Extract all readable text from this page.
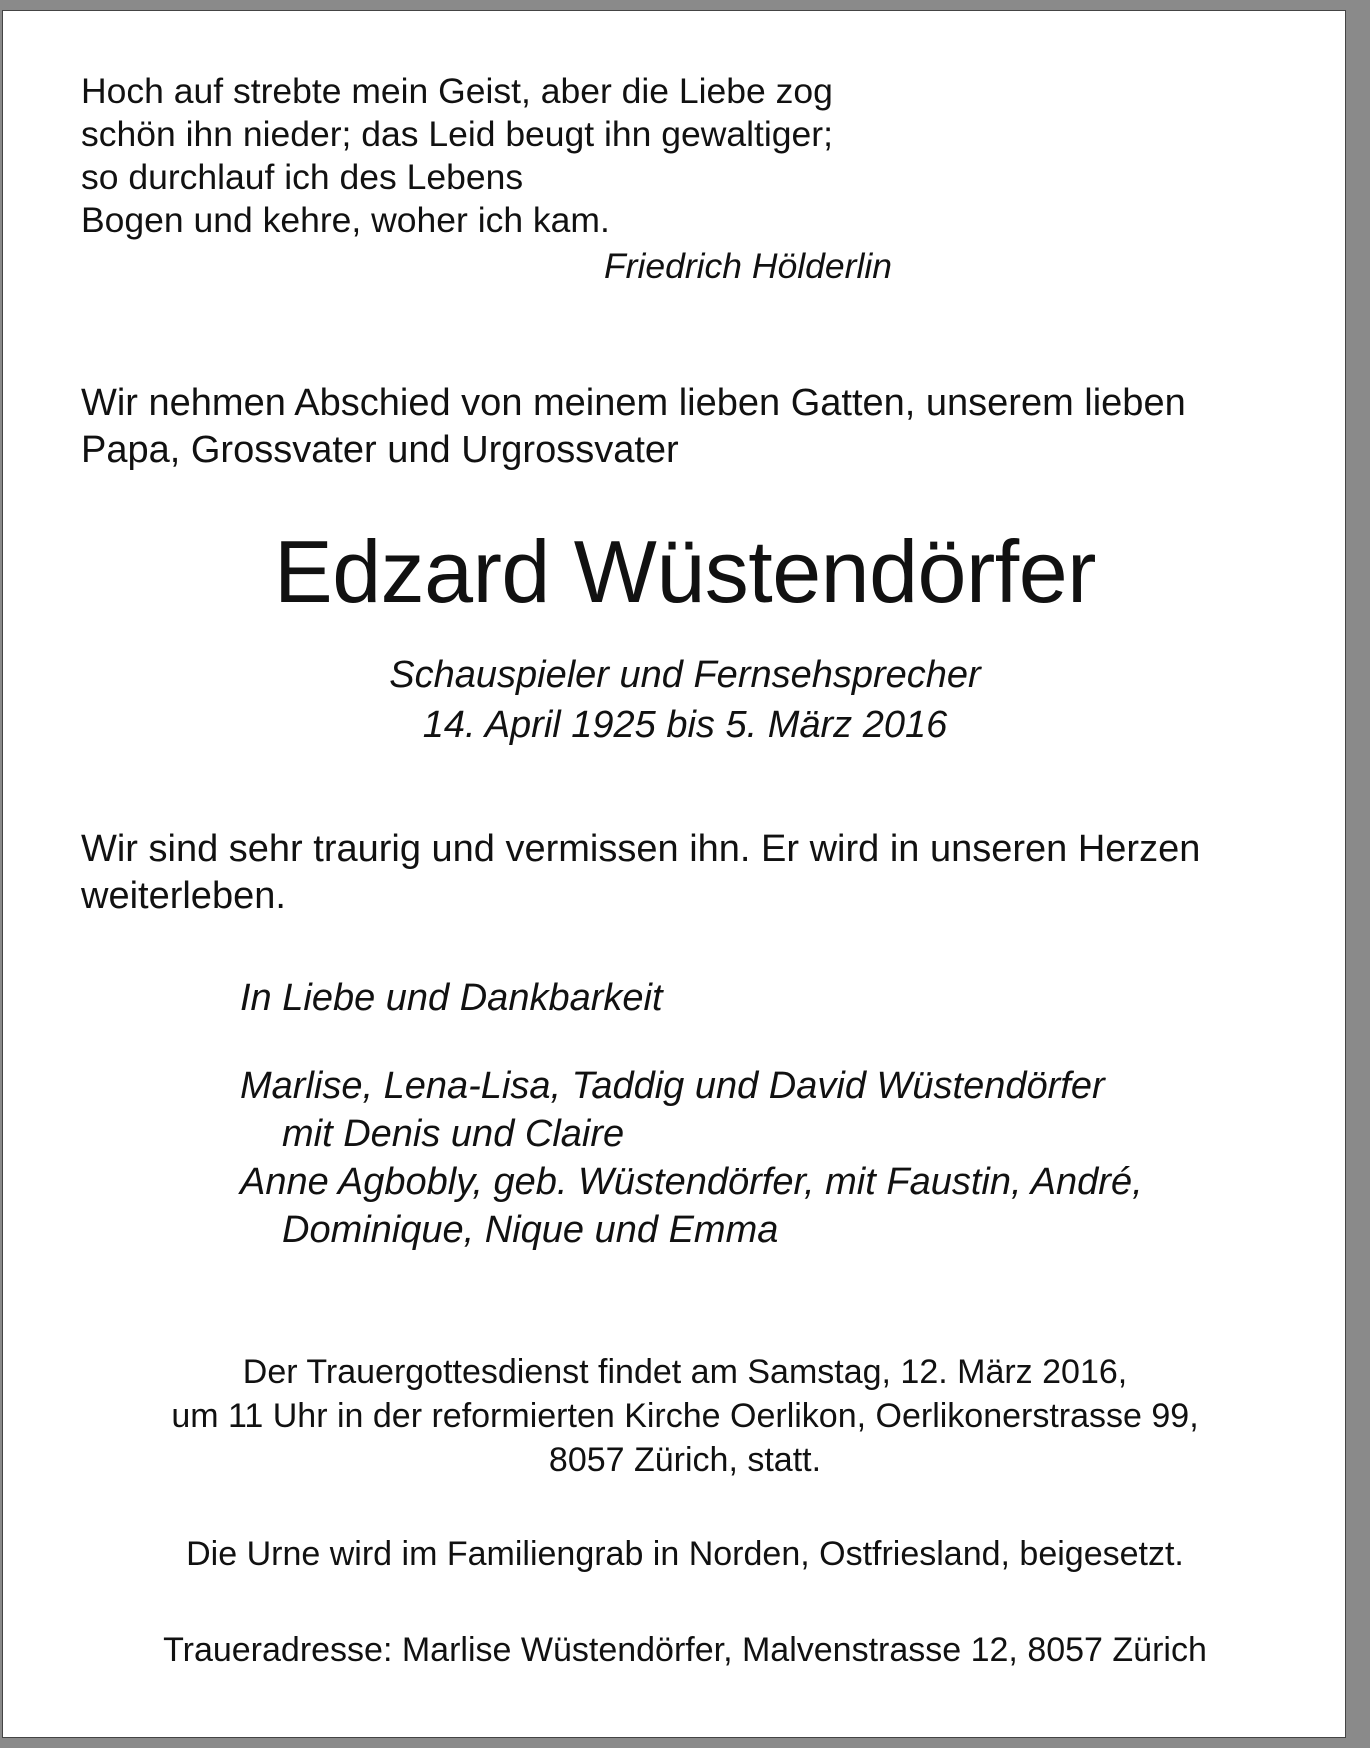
Hoch auf strebte mein Geist, aber die Liebe zog
schön ihn nieder; das Leid beugt ihn gewaltiger;
so durchlauf ich des Lebens
Bogen und kehre, woher ich kam.

Friedrich Hölderlin

Wir nehmen Abschied von meinem lieben Gatten, unserem lieben
Papa, Grossvater und Urgrossvater
Edzard Wüstendörfer
Schauspieler und Fernsehsprecher
14. April 1925 bis 5. März 2016
Wir sind sehr traurig und vermissen ihn. Er wird in unseren Herzen
weiterleben.

In Liebe und Dankbarkeit

Marlise, Lena-Lisa, Taddig und David Wüstendörfer
mit Denis und Claire
Anne Agbobly, geb. Wüstendörfer, mit Faustin, André,
Dominique, Nique und Emma
Der Trauergottesdienst findet am Samstag, 12. März 2016,
um 11 Uhr in der reformierten Kirche Oerlikon, Oerlikonerstrasse 99,
8057 Zürich, statt.

Die Urne wird im Familiengrab in Norden, Ostfriesland, beigesetzt.

Traueradresse: Marlise Wüstendörfer, Malvenstrasse 12, 8057 Zürich
